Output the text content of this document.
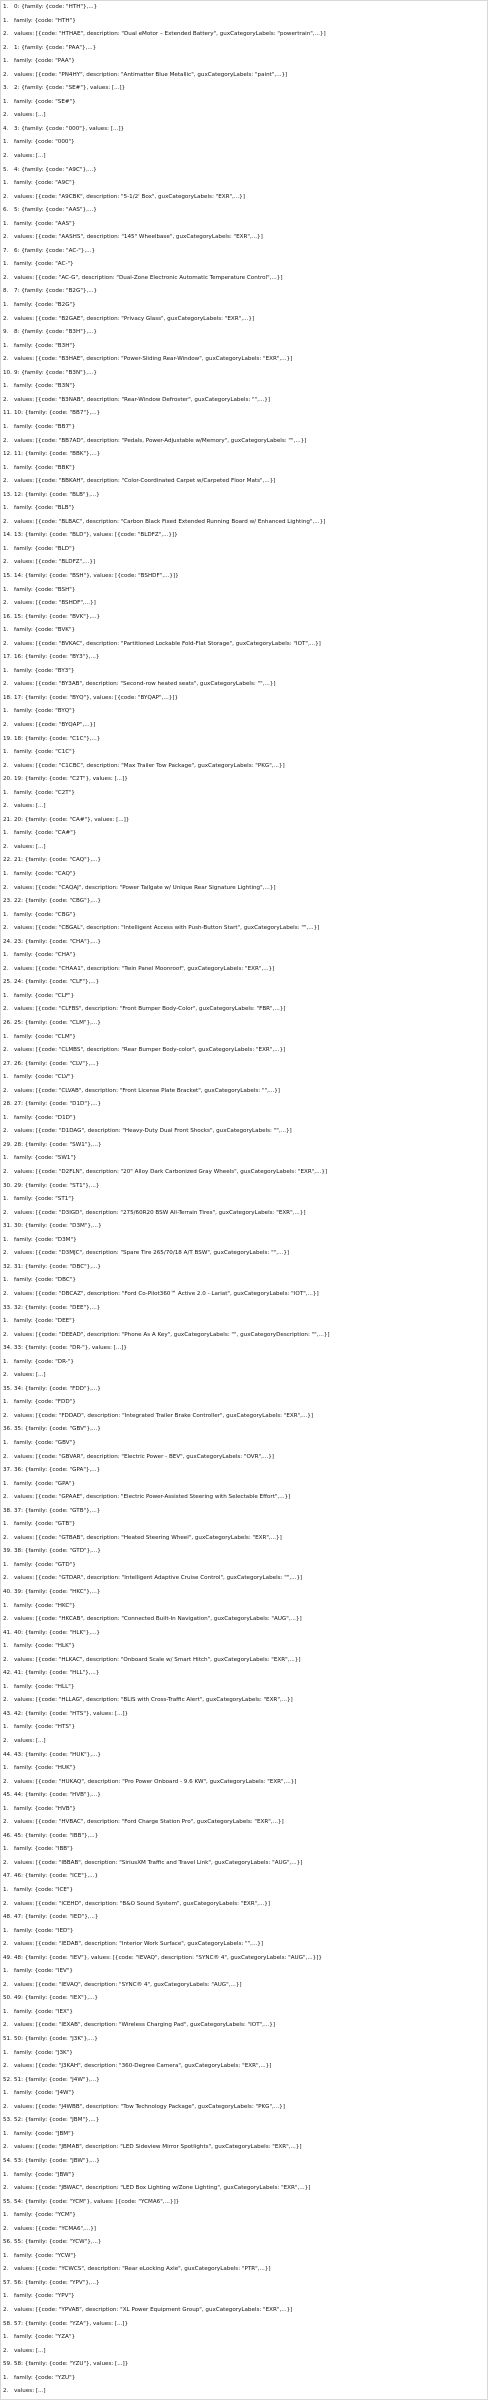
1.	0: {family: {code: "HTH"},...}
1.	family: {code: "HTH"}
2.	values: [{code: "HTHAE", description: "Dual eMotor – Extended Battery", guxCategoryLabels: "powertrain",...}]
2.	1: {family: {code: "PAA"},...}
1.	family: {code: "PAA"}
2.	values: [{code: "PN4HY", description: "Antimatter Blue Metallic", guxCategoryLabels: "paint",...}]
3.	2: {family: {code: "SE#"}, values: [...]}
1.	family: {code: "SE#"}
2.	values: [...]
4.	3: {family: {code: "000"}, values: [...]}
1.	family: {code: "000"}
2.	values: [...]
5.	4: {family: {code: "A9C"},...}
1.	family: {code: "A9C"}
2.	values: [{code: "A9CBK", description: "5-1/2' Box", guxCategoryLabels: "EXR",...}]
6.	5: {family: {code: "AAS"},...}
1.	family: {code: "AAS"}
2.	values: [{code: "AASHS", description: "145" Wheelbase", guxCategoryLabels: "EXR",...}]
7.	6: {family: {code: "AC-"},...}
1.	family: {code: "AC-"}
2.	values: [{code: "AC-G", description: "Dual-Zone Electronic Automatic Temperature Control",...}]
8.	7: {family: {code: "B2G"},...}
1.	family: {code: "B2G"}
2.	values: [{code: "B2GAE", description: "Privacy Glass", guxCategoryLabels: "EXR",...}]
9.	8: {family: {code: "B3H"},...}
1.	family: {code: "B3H"}
2.	values: [{code: "B3HAE", description: "Power-Sliding Rear-Window", guxCategoryLabels: "EXR",...}]
10. 9: {family: {code: "B3N"},...}
1.	family: {code: "B3N"}
2.	values: [{code: "B3NAB", description: "Rear-Window Defroster", guxCategoryLabels: "",...}]
11. 10: {family: {code: "BB7"},...}
1.	family: {code: "BB7"}
2.	values: [{code: "BB7AD", description: "Pedals, Power-Adjustable w/Memory", guxCategoryLabels: "",...}]
12. 11: {family: {code: "BBK"},...}
1.	family: {code: "BBK"}
2.	values: [{code: "BBKAH", description: "Color-Coordinated Carpet w/Carpeted Floor Mats",...}]
13. 12: {family: {code: "BLB"},...}
1.	family: {code: "BLB"}
2.	values: [{code: "BLBAC", description: "Carbon Black Fixed Extended Running Board w/ Enhanced Lighting",...}]
14. 13: {family: {code: "BLD"}, values: [{code: "BLDFZ",...}]}
1.	family: {code: "BLD"}
2.	values: [{code: "BLDFZ",...}]
15. 14: {family: {code: "BSH"}, values: [{code: "BSHDF",...}]}
1.	family: {code: "BSH"}
2.	values: [{code: "BSHDF",...}]
16. 15: {family: {code: "BVK"},...}
1.	family: {code: "BVK"}
2.	values: [{code: "BVKAC", description: "Partitioned Lockable Fold-Flat Storage", guxCategoryLabels: "IOT",...}]
17. 16: {family: {code: "BY3"},...}
1.	family: {code: "BY3"}
2.	values: [{code: "BY3AB", description: "Second-row heated seats", guxCategoryLabels: "",...}]
18. 17: {family: {code: "BYQ"}, values: [{code: "BYQAP",...}]}
1.	family: {code: "BYQ"}
2.	values: [{code: "BYQAP",...}]
19. 18: {family: {code: "C1C"},...}
1.	family: {code: "C1C"}
2.	values: [{code: "C1CBC", description: "Max Trailer Tow Package", guxCategoryLabels: "PKG",...}]
20. 19: {family: {code: "C2T"}, values: [...]}
1.	family: {code: "C2T"}
2.	values: [...]
21. 20: {family: {code: "CA#"}, values: [...]}
1.	family: {code: "CA#"}
2.	values: [...]
22. 21: {family: {code: "CAQ"},...}
1.	family: {code: "CAQ"}
2.	values: [{code: "CAQAJ", description: "Power Tailgate w/ Unique Rear Signature Lighting",...}]
23. 22: {family: {code: "CBG"},...}
1.	family: {code: "CBG"}
2.	values: [{code: "CBGAL", description: "Intelligent Access with Push-Button Start", guxCategoryLabels: "",...}]
24. 23: {family: {code: "CHA"},...}
1.	family: {code: "CHA"}
2.	values: [{code: "CHAA1", description: "Twin Panel Moonroof", guxCategoryLabels: "EXR",...}]
25. 24: {family: {code: "CLF"},...}
1.	family: {code: "CLF"}
2.	values: [{code: "CLFBS", description: "Front Bumper Body-Color", guxCategoryLabels: "FBR",...}]
26. 25: {family: {code: "CLM"},...}
1.	family: {code: "CLM"}
2.	values: [{code: "CLMBS", description: "Rear Bumper Body-color", guxCategoryLabels: "EXR",...}]
27. 26: {family: {code: "CLV"},...}
1.	family: {code: "CLV"}
2.	values: [{code: "CLVAB", description: "Front License Plate Bracket", guxCategoryLabels: "",...}]
28. 27: {family: {code: "D1D"},...}
1.	family: {code: "D1D"}
2.	values: [{code: "D1DAG", description: "Heavy-Duty Dual Front Shocks", guxCategoryLabels: "",...}]
29. 28: {family: {code: "SW1"},...}
1.	family: {code: "SW1"}
2.	values: [{code: "D2FLN", description: "20" Alloy Dark Carbonized Gray Wheels", guxCategoryLabels: "EXR",...}]
30. 29: {family: {code: "ST1"},...}
1.	family: {code: "ST1"}
2.	values: [{code: "D3IGD", description: "275/60R20 BSW All-Terrain Tires", guxCategoryLabels: "EXR",...}]
31. 30: {family: {code: "D3M"},...}
1.	family: {code: "D3M"}
2.	values: [{code: "D3MJC", description: "Spare Tire 265/70/18 A/T BSW", guxCategoryLabels: "",...}]
32. 31: {family: {code: "DBC"},...}
1.	family: {code: "DBC"}
2.	values: [{code: "DBCAZ", description: "Ford Co-Pilot360™ Active 2.0 - Lariat", guxCategoryLabels: "IOT",...}]
33. 32: {family: {code: "DEE"},...}
1.	family: {code: "DEE"}
2.	values: [{code: "DEEAD", description: "Phone As A Key", guxCategoryLabels: "", guxCategoryDescription: "",...}]
34. 33: {family: {code: "DR-"}, values: [...]}
1.	family: {code: "DR-"}
2.	values: [...]
35. 34: {family: {code: "FDD"},...}
1.	family: {code: "FDD"}
2.	values: [{code: "FDDAD", description: "Integrated Trailer Brake Controller", guxCategoryLabels: "EXR",...}]
36. 35: {family: {code: "GBV"},...}
1.	family: {code: "GBV"}
2.	values: [{code: "GBVAR", description: "Electric Power - BEV", guxCategoryLabels: "OVR",...}]
37. 36: {family: {code: "GPA"},...}
1.	family: {code: "GPA"}
2.	values: [{code: "GPAAE", description: "Electric Power-Assisted Steering with Selectable Effort",...}]
38. 37: {family: {code: "GTB"},...}
1.	family: {code: "GTB"}
2.	values: [{code: "GTBAB", description: "Heated Steering Wheel", guxCategoryLabels: "EXR",...}]
39. 38: {family: {code: "GTD"},...}
1.	family: {code: "GTD"}
2.	values: [{code: "GTDAR", description: "Intelligent Adaptive Cruise Control", guxCategoryLabels: "",...}]
40. 39: {family: {code: "HKC"},...}
1.	family: {code: "HKC"}
2.	values: [{code: "HKCAB", description: "Connected Built-In Navigation", guxCategoryLabels: "AUG",...}]
41. 40: {family: {code: "HLK"},...}
1.	family: {code: "HLK"}
2.	values: [{code: "HLKAC", description: "Onboard Scale w/ Smart Hitch", guxCategoryLabels: "EXR",...}]
42. 41: {family: {code: "HLL"},...}
1.	family: {code: "HLL"}
2.	values: [{code: "HLLAG", description: "BLIS with Cross-Traffic Alert", guxCategoryLabels: "EXR",...}]
43. 42: {family: {code: "HTS"}, values: [...]}
1.	family: {code: "HTS"}
2.	values: [...]
44. 43: {family: {code: "HUK"},...}
1.	family: {code: "HUK"}
2.	values: [{code: "HUKAQ", description: "Pro Power Onboard - 9.6 KW", guxCategoryLabels: "EXR",...}]
45. 44: {family: {code: "HVB"},...}
1.	family: {code: "HVB"}
2.	values: [{code: "HVBAC", description: "Ford Charge Station Pro", guxCategoryLabels: "EXR",...}]
46. 45: {family: {code: "IBB"},...}
1.	family: {code: "IBB"}
2.	values: [{code: "IBBAB", description: "SiriusXM Traffic and Travel Link", guxCategoryLabels: "AUG",...}]
47. 46: {family: {code: "ICE"},...}
1.	family: {code: "ICE"}
2.	values: [{code: "ICEHD", description: "B&O Sound System", guxCategoryLabels: "EXR",...}]
48. 47: {family: {code: "IED"},...}
1.	family: {code: "IED"}
2.	values: [{code: "IEDAB", description: "Interior Work Surface", guxCategoryLabels: "",...}]
49. 48: {family: {code: "IEV"}, values: [{code: "IEVAQ", description: "SYNC® 4", guxCategoryLabels: "AUG",...}]}
1.	family: {code: "IEV"}
2.	values: [{code: "IEVAQ", description: "SYNC® 4", guxCategoryLabels: "AUG",...}]
50. 49: {family: {code: "IEX"},...}
1.	family: {code: "IEX"}
2.	values: [{code: "IEXAB", description: "Wireless Charging Pad", guxCategoryLabels: "IOT",...}]
51. 50: {family: {code: "J3K"},...}
1.	family: {code: "J3K"}
2.	values: [{code: "J3KAH", description: "360-Degree Camera", guxCategoryLabels: "EXR",...}]
52. 51: {family: {code: "J4W"},...}
1.	family: {code: "J4W"}
2.	values: [{code: "J4WBB", description: "Tow Technology Package", guxCategoryLabels: "PKG",...}]
53. 52: {family: {code: "JBM"},...}
1.	family: {code: "JBM"}
2.	values: [{code: "JBMAB", description: "LED Sideview Mirror Spotlights", guxCategoryLabels: "EXR",...}]
54. 53: {family: {code: "JBW"},...}
1.	family: {code: "JBW"}
2.	values: [{code: "JBWAC", description: "LED Box Lighting w/Zone Lighting", guxCategoryLabels: "EXR",...}]
55. 54: {family: {code: "YCM"}, values: [{code: "YCMA6",...}]}
1.	family: {code: "YCM"}
2.	values: [{code: "YCMA6",...}]
56. 55: {family: {code: "YCW"},...}
1.	family: {code: "YCW"}
2.	values: [{code: "YCWCS", description: "Rear eLocking Axle", guxCategoryLabels: "PTR",...}]
57. 56: {family: {code: "YPV"},...}
1.	family: {code: "YPV"}
2.	values: [{code: "YPVAB", description: "XL Power Equipment Group", guxCategoryLabels: "EXR",...}]
58. 57: {family: {code: "YZA"}, values: [...]}
1.	family: {code: "YZA"}
2.	values: [...]
59. 58: {family: {code: "YZU"}, values: [...]}
1.	family: {code: "YZU"}
2.	values: [...]
